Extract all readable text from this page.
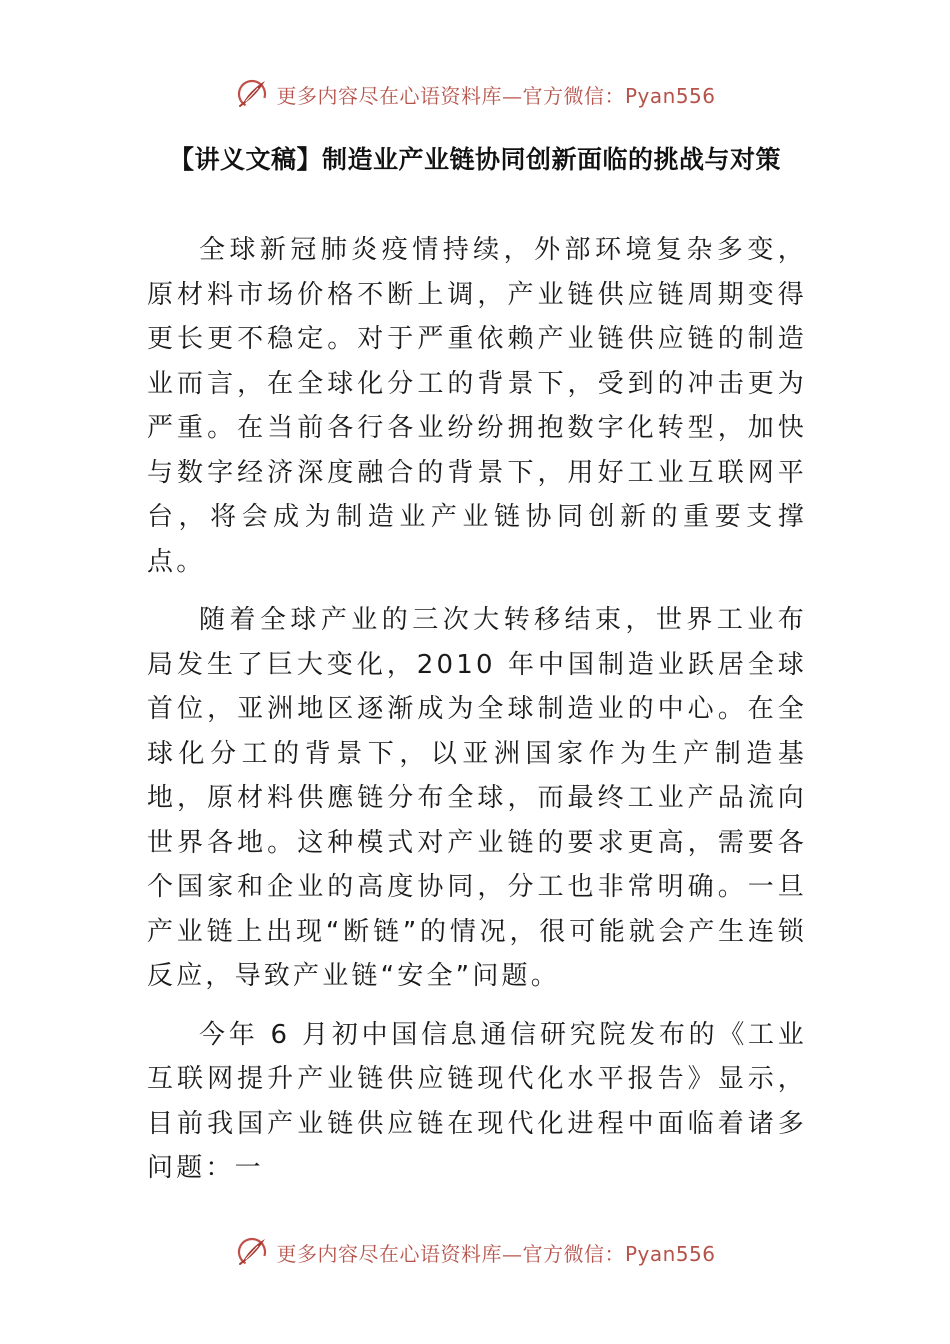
更多内容尽在心语资料库—官方微信：Pyan556
【讲义文稿】制造业产业链协同创新面临的挑战与对策

全球新冠肺炎疫情持续，外部环境复杂多变，原材料市场价格不断上调，产业链供应链周期变得更长更不稳定。对于严重依赖产业链供应链的制造业而言，在全球化分工的背景下，受到的冲击更为严重。在当前各行各业纷纷拥抱数字化转型，加快与数字经济深度融合的背景下，用好工业互联网平台，将会成为制造业产业链协同创新的重要支撑点。

随着全球产业的三次大转移结束，世界工业布局发生了巨大变化，2010 年中国制造业跃居全球首位，亚洲地区逐渐成为全球制造业的中心。在全球化分工的背景下，以亚洲国家作为生产制造基地，原材料供應链分布全球，而最终工业产品流向世界各地。这种模式对产业链的要求更高，需要各个国家和企业的高度协同，分工也非常明确。一旦产业链上出现“断链”的情况，很可能就会产生连锁反应，导致产业链“安全”问题。

今年 6 月初中国信息通信研究院发布的《工业互联网提升产业链供应链现代化水平报告》显示，目前我国产业链供应链在现代化进程中面临着诸多问题：一

更多内容尽在心语资料库—官方微信：Pyan556
